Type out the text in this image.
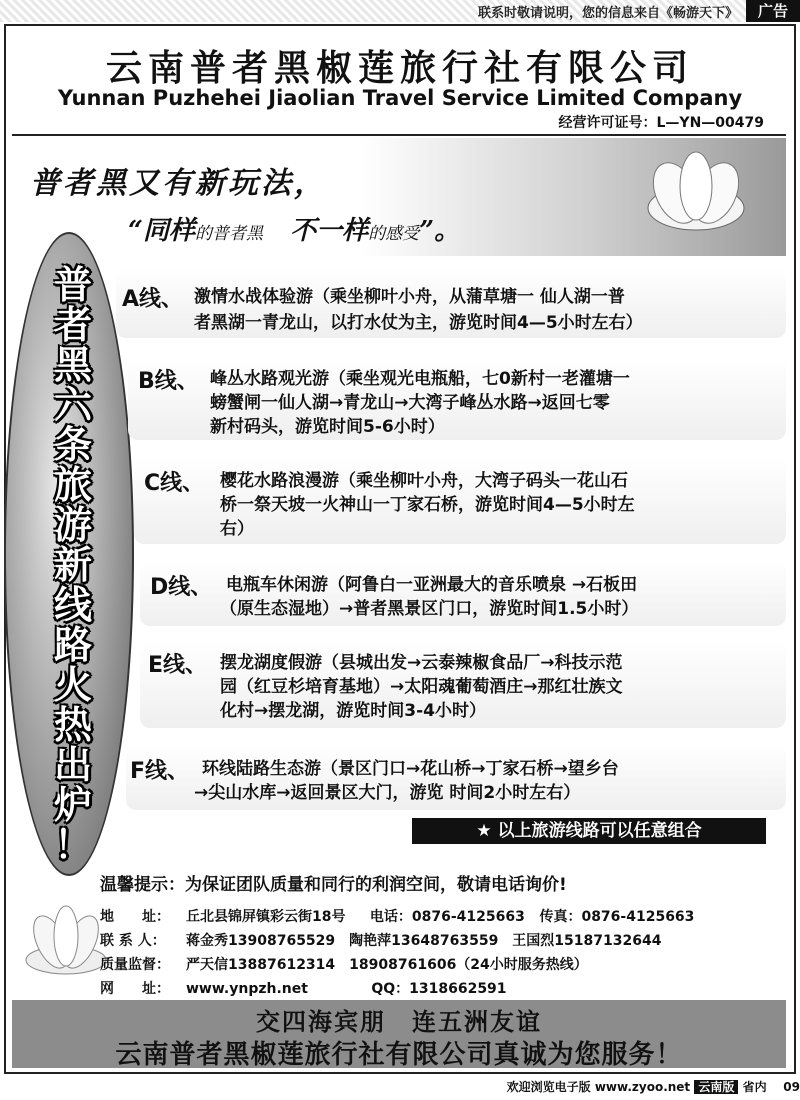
联系时敬请说明，您的信息来自《畅游天下》	广告
云南普者黑椒莲旅行社有限公司
Yunnan Puzhehei Jiaolian Travel Service Limited Company
经营许可证号：L—YN—00479
普者黑又有新玩法，
“同样的普者黑 不一样的感受”。
普
者
黑
六
条
旅
游
新
线
路
火
热
出
炉
！
A线、 激情水战体验游（乘坐柳叶小舟，从蒲草塘一 仙人湖一普
者黑湖一青龙山，以打水仗为主，游览时间4—5小时左右）
B线、 峰丛水路观光游（乘坐观光电瓶船，七0新村一老灌塘一
螃蟹闸一仙人湖→青龙山→大湾子峰丛水路→返回七零
新村码头，游览时间5-6小时）
C线、 樱花水路浪漫游（乘坐柳叶小舟，大湾子码头一花山石
桥一祭天坡一火神山一丁家石桥，游览时间4—5小时左
右）
D线、 电瓶车休闲游（阿鲁白一亚洲最大的音乐喷泉 →石板田
（原生态湿地）→普者黑景区门口，游览时间1.5小时）
E线、 摆龙湖度假游（县城出发→云泰辣椒食品厂→科技示范
园（红豆杉培育基地）→太阳魂葡萄酒庄→那红壮族文
化村→摆龙湖，游览时间3-4小时）
F线、 环线陆路生态游（景区门口→花山桥→丁家石桥→望乡台
→尖山水库→返回景区大门，游览 时间2小时左右）
★ 以上旅游线路可以任意组合
温馨提示：为保证团队质量和同行的利润空间，敬请电话询价!
地　　址： 丘北县锦屏镇彩云街18号 电话：0876-4125663 传真：0876-4125663
联 系 人： 蒋金秀13908765529　陶艳萍13648763559　王国烈15187132644
质量监督： 严天信13887612314　18908761606（24小时服务热线）
网　　址： www.ynpzh.net	QQ：1318662591
交四海宾朋　连五洲友谊
云南普者黑椒莲旅行社有限公司真诚为您服务！
欢迎浏览电子版 www.zyoo.net 云南版 省内 09
